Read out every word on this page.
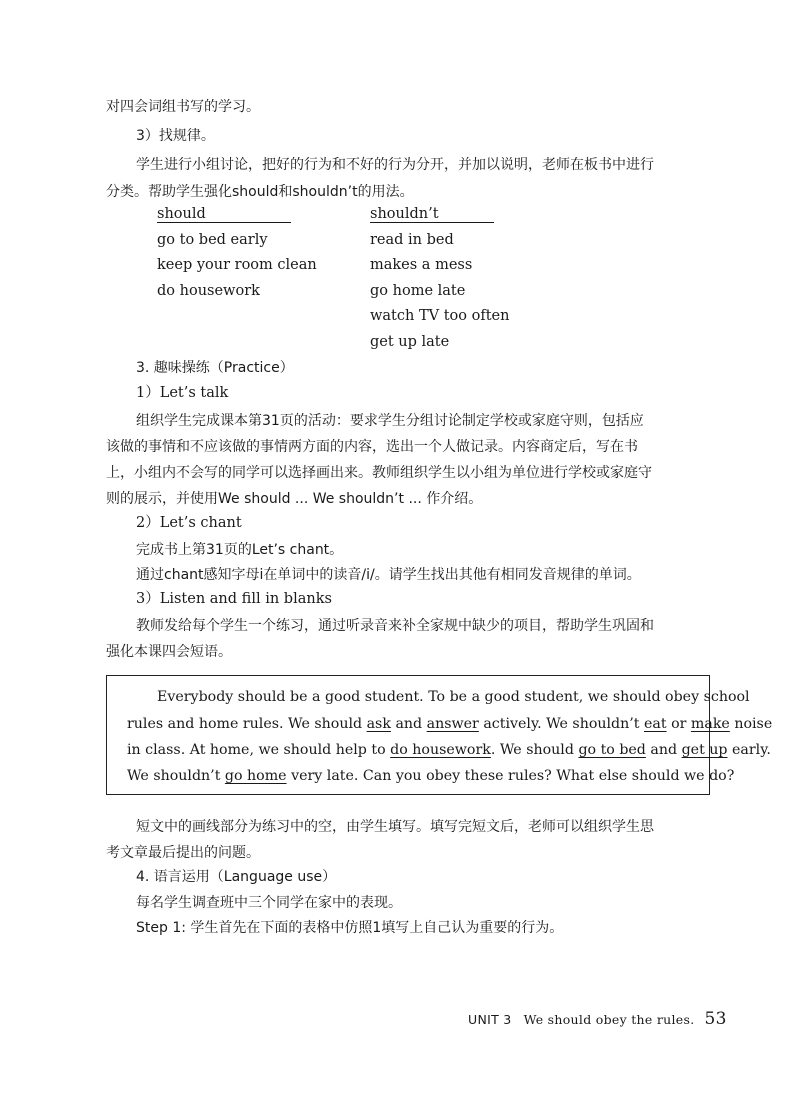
对四会词组书写的学习。
3）找规律。
学生进行小组讨论，把好的行为和不好的行为分开，并加以说明，老师在板书中进行
分类。帮助学生强化should和shouldn’t的用法。
should
go to bed early
keep your room clean
do housework
shouldn’t
read in bed
makes a mess
go home late
watch TV too often
get up late
3. 趣味操练（Practice）
1）Let’s talk
组织学生完成课本第31页的活动：要求学生分组讨论制定学校或家庭守则，包括应
该做的事情和不应该做的事情两方面的内容，选出一个人做记录。内容商定后，写在书
上，小组内不会写的同学可以选择画出来。教师组织学生以小组为单位进行学校或家庭守
则的展示，并使用We should ... We shouldn’t ... 作介绍。
2）Let’s chant
完成书上第31页的Let’s chant。
通过chant感知字母i在单词中的读音/i/。请学生找出其他有相同发音规律的单词。
3）Listen and fill in blanks
教师发给每个学生一个练习，通过听录音来补全家规中缺少的项目，帮助学生巩固和
强化本课四会短语。
Everybody should be a good student. To be a good student, we should obey school
rules and home rules. We should ask and answer actively. We shouldn’t eat or make noise
in class. At home, we should help to do housework. We should go to bed and get up early.
We shouldn’t go home very late. Can you obey these rules? What else should we do?
短文中的画线部分为练习中的空，由学生填写。填写完短文后，老师可以组织学生思
考文章最后提出的问题。
4. 语言运用（Language use）
每名学生调查班中三个同学在家中的表现。
Step 1: 学生首先在下面的表格中仿照1填写上自己认为重要的行为。
UNIT 3 We should obey the rules. 53
